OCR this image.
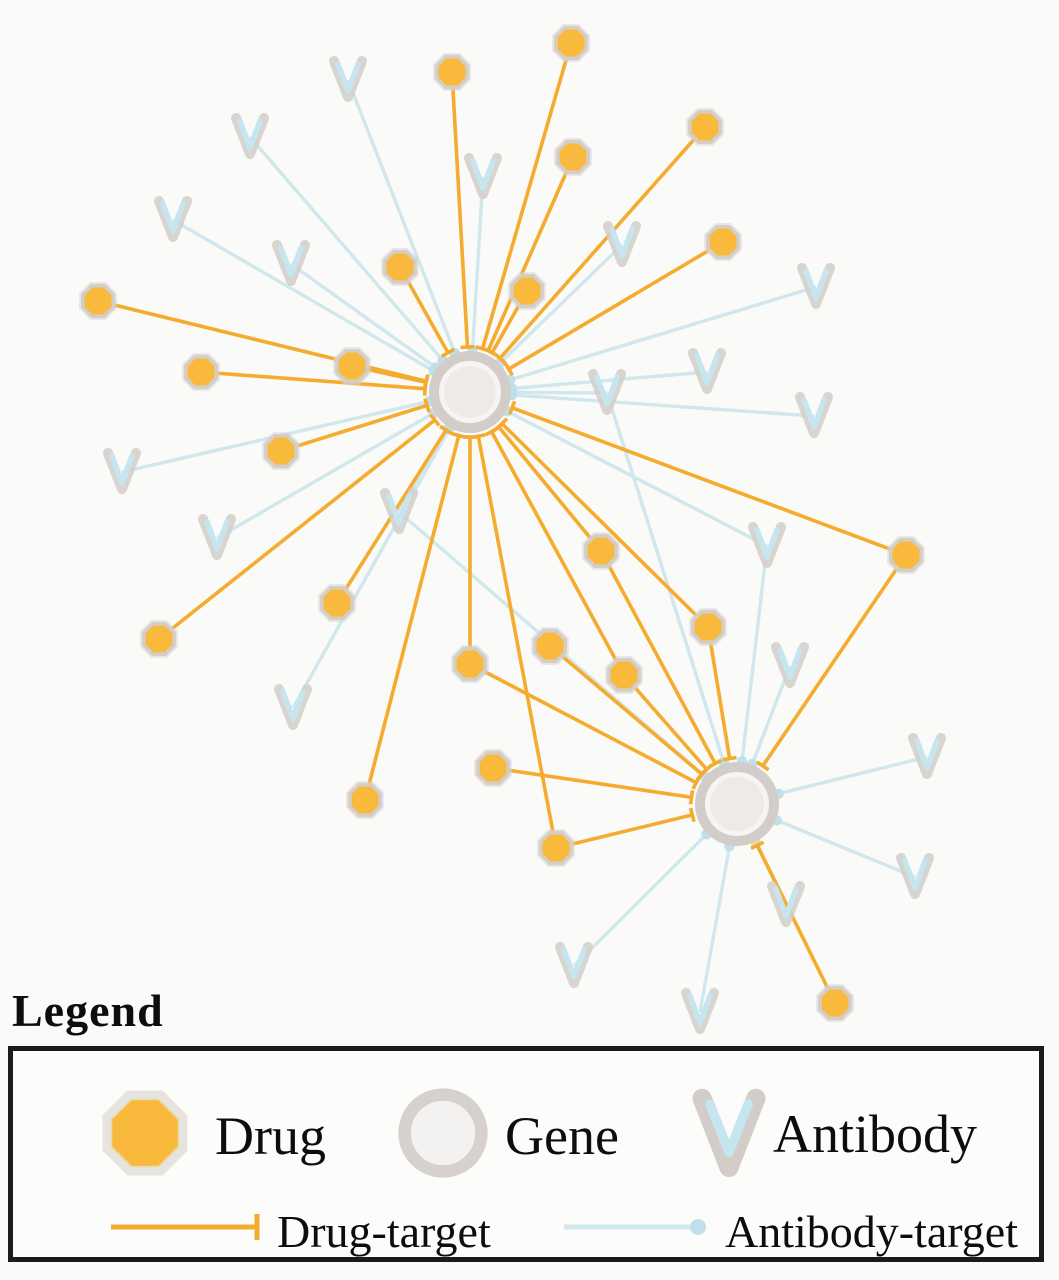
Legend
Drug	Gene	Antibody
Drug-target	Antibody-target
